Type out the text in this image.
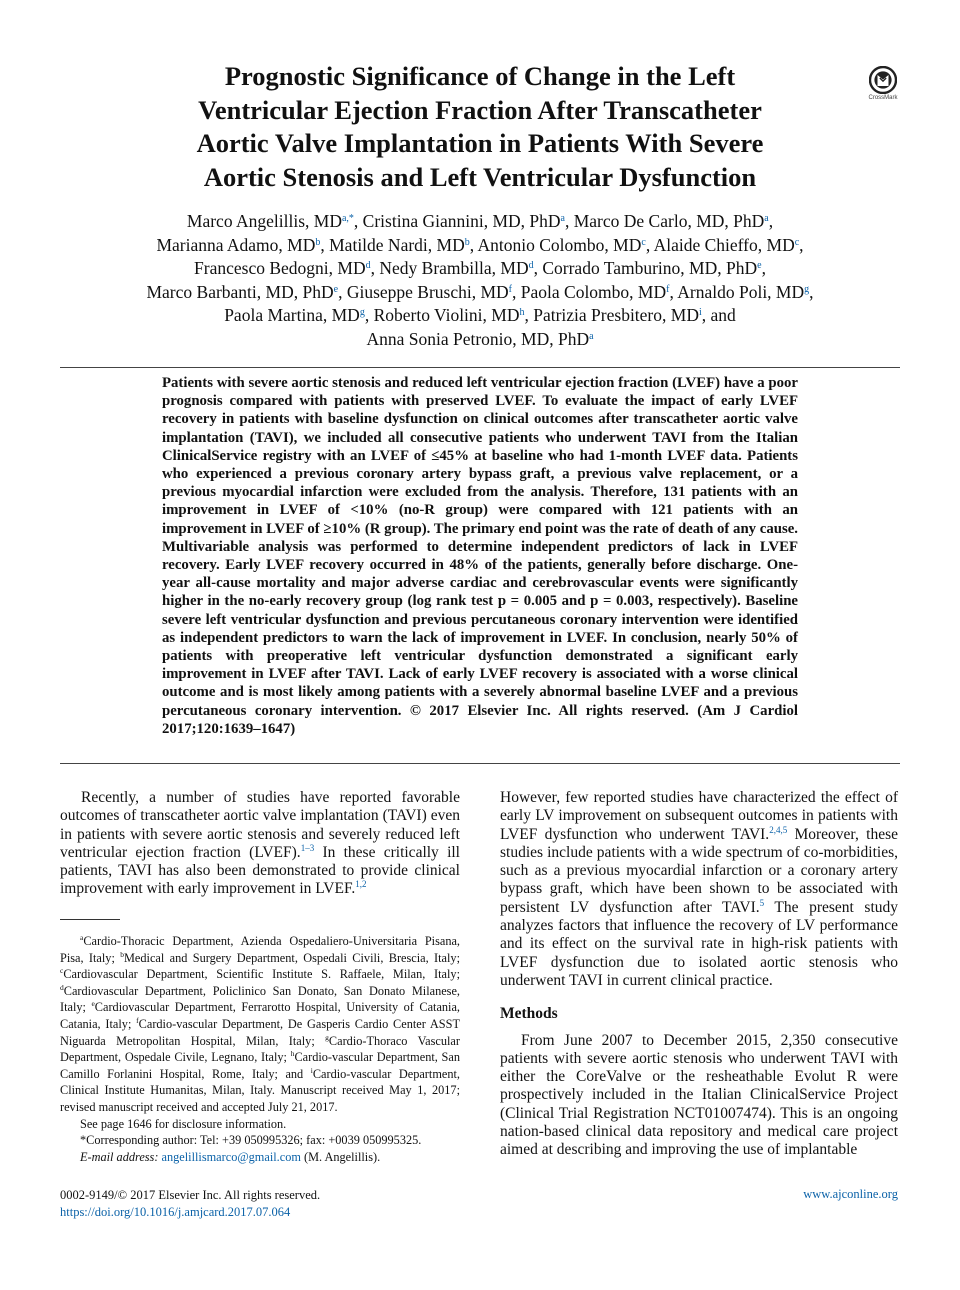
CrossMark
Prognostic Significance of Change in the Left
Ventricular Ejection Fraction After Transcatheter
Aortic Valve Implantation in Patients With Severe
Aortic Stenosis and Left Ventricular Dysfunction
Marco Angelillis, $MD^{a,*}$, Cristina Giannini, MD, PhD$^a$, Marco De Carlo, MD, PhD$^a$,
Marianna Adamo, $MD^b$, Matilde Nardi, $MD^b$, Antonio Colombo, $MD^c$, Alaide Chieffo, $MD^c$,
Francesco Bedogni, $MD^d$, Nedy Brambilla, $MD^d$, Corrado Tamburino, MD, PhD$^e$,
Marco Barbanti, MD, PhD$^e$, Giuseppe Bruschi, $MD^f$, Paola Colombo, $MD^f$, Arnaldo Poli, $MD^g$,
Paola Martina, $MD^g$, Roberto Violini, $MD^h$, Patrizia Presbitero, $MD^i$, and
Anna Sonia Petronio, MD, PhD$^a$

Patients with severe aortic stenosis and reduced left ventricular ejection fraction (LVEF) have a poor prognosis compared with patients with preserved LVEF. To evaluate the impact of early LVEF recovery in patients with baseline dysfunction on clinical outcomes after transcatheter aortic valve implantation (TAVI), we included all consecutive patients who underwent TAVI from the Italian ClinicalService registry with an LVEF of ≤45% at baseline who had 1-month LVEF data. Patients who experienced a previous coronary artery bypass graft, a previous valve replacement, or a previous myocardial infarction were excluded from the analysis. Therefore, 131 patients with an improvement in LVEF of <10% (no-R group) were compared with 121 patients with an improvement in LVEF of ≥10% (R group). The primary end point was the rate of death of any cause. Multivariable analysis was performed to determine independent predictors of lack in LVEF recovery. Early LVEF recovery occurred in 48% of the patients, generally before discharge. One-year all-cause mortality and major adverse cardiac and cerebrovascular events were significantly higher in the no-early recovery group (log rank test p = 0.005 and p = 0.003, respectively). Baseline severe left ventricular dysfunction and previous percutaneous coronary intervention were identified as independent predictors to warn the lack of improvement in LVEF. In conclusion, nearly 50% of patients with preoperative left ventricular dysfunction demonstrated a significant early improvement in LVEF after TAVI. Lack of early LVEF recovery is associated with a worse clinical outcome and is most likely among patients with a severely abnormal baseline LVEF and a previous percutaneous coronary intervention. © 2017 Elsevier Inc. All rights reserved. (Am J Cardiol 2017;120:1639–1647)

Recently, a number of studies have reported favorable outcomes of transcatheter aortic valve implantation (TAVI) even in patients with severe aortic stenosis and severely reduced left ventricular ejection fraction (LVEF).$^{1-3}$ In these critically ill patients, TAVI has also been demonstrated to provide clinical improvement with early improvement in LVEF.$^{1,2}$

$^a$Cardio-Thoracic Department, Azienda Ospedaliero-Universitaria Pisana, Pisa, Italy; $^b$Medical and Surgery Department, Ospedali Civili, Brescia, Italy; $^c$Cardiovascular Department, Scientific Institute S. Raffaele, Milan, Italy; $^d$Cardiovascular Department, Policlinico San Donato, San Donato Milanese, Italy; $^e$Cardiovascular Department, Ferrarotto Hospital, University of Catania, Catania, Italy; $^f$Cardio-vascular Department, De Gasperis Cardio Center ASST Niguarda Metropolitan Hospital, Milan, Italy; $^g$Cardio-Thoraco Vascular Department, Ospedale Civile, Legnano, Italy; $^h$Cardio-vascular Department, San Camillo Forlanini Hospital, Rome, Italy; and $^i$Cardio-vascular Department, Clinical Institute Humanitas, Milan, Italy. Manuscript received May 1, 2017; revised manuscript received and accepted July 21, 2017.

See page 1646 for disclosure information.

*Corresponding author: Tel: +39 050995326; fax: +0039 050995325.

E-mail address: angelillismarco@gmail.com (M. Angelillis).

However, few reported studies have characterized the effect of early LV improvement on subsequent outcomes in patients with LVEF dysfunction who underwent TAVI.$^{2,4,5}$ Moreover, these studies include patients with a wide spectrum of co-morbidities, such as a previous myocardial infarction or a coronary artery bypass graft, which have been shown to be associated with persistent LV dysfunction after TAVI.$^5$ The present study analyzes factors that influence the recovery of LV performance and its effect on the survival rate in high-risk patients with LVEF dysfunction due to isolated aortic stenosis who underwent TAVI in current clinical practice.

Methods

From June 2007 to December 2015, 2,350 consecutive patients with severe aortic stenosis who underwent TAVI with either the CoreValve or the resheathable Evolut R were prospectively included in the Italian ClinicalService Project (Clinical Trial Registration NCT01007474). This is an ongoing nation-based clinical data repository and medical care project aimed at describing and improving the use of implantable

0002-9149/© 2017 Elsevier Inc. All rights reserved.
https://doi.org/10.1016/j.amjcard.2017.07.064
www.ajconline.org
